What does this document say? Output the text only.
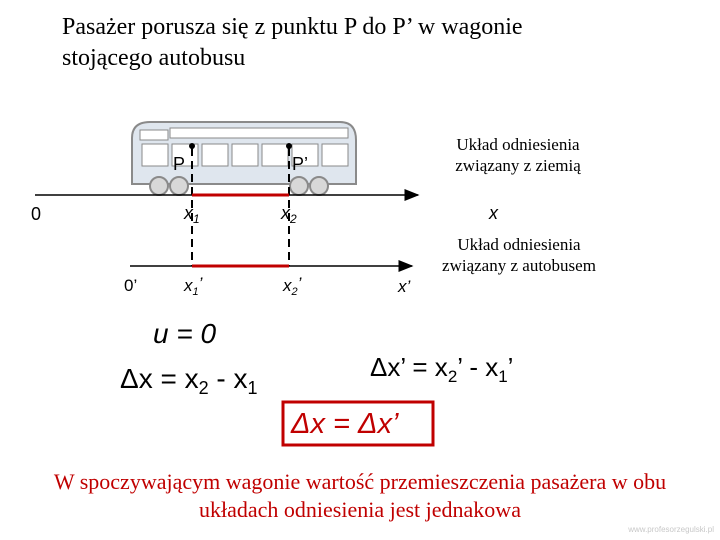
Pasażer porusza się z punktu P do P’ w wagonie
stojącego autobusu
Układ odniesienia
związany z ziemią
Układ odniesienia
związany z autobusem
P	P’
0	$x_1$	$x_2$	x
0’	$x_1$’	$x_2$’	x’
u = 0
$\Delta x = x_2 - x_1$
Δx’ = $x_2$’ - $x_1$’
Δx = Δx’
W spoczywającym wagonie wartość przemieszczenia pasażera w obu
układach odniesienia jest jednakowa
www.profesorzegulski.pl
